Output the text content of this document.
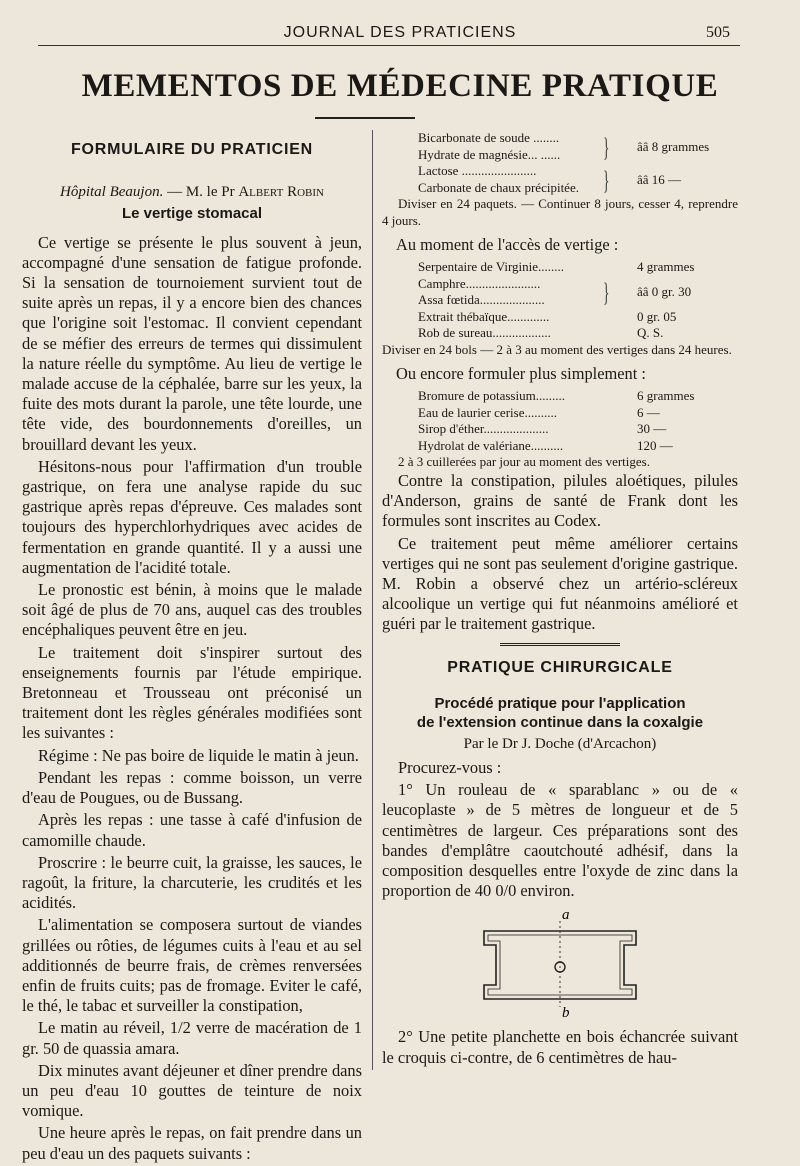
JOURNAL DES PRATICIENS	505
MEMENTOS DE MÉDECINE PRATIQUE
FORMULAIRE DU PRATICIEN
Hôpital Beaujon. — M. le Pr Albert Robin
Le vertige stomacal

Ce vertige se présente le plus souvent à jeun, accompagné d'une sensation de fatigue profonde. Si la sensation de tournoiement survient tout de suite après un repas, il y a encore bien des chances que l'origine soit l'estomac. Il convient cependant de se méfier des erreurs de termes qui dissimulent la nature réelle du symptôme. Au lieu de vertige le malade accuse de la céphalée, barre sur les yeux, la fuite des mots durant la parole, une tête lourde, une tête vide, des bourdonnements d'oreilles, un brouillard devant les yeux.

Hésitons-nous pour l'affirmation d'un trouble gastrique, on fera une analyse rapide du suc gastrique après repas d'épreuve. Ces malades sont toujours des hyperchlorhydriques avec acides de fermentation en grande quantité. Il y a aussi une augmentation de l'acidité totale.

Le pronostic est bénin, à moins que le malade soit âgé de plus de 70 ans, auquel cas des troubles encéphaliques peuvent être en jeu.

Le traitement doit s'inspirer surtout des enseignements fournis par l'étude empirique. Bretonneau et Trousseau ont préconisé un traitement dont les règles générales modifiées sont les suivantes :

Régime : Ne pas boire de liquide le matin à jeun.

Pendant les repas : comme boisson, un verre d'eau de Pougues, ou de Bussang.

Après les repas : une tasse à café d'infusion de camomille chaude.

Proscrire : le beurre cuit, la graisse, les sauces, le ragoût, la friture, la charcuterie, les crudités et les acidités.

L'alimentation se composera surtout de viandes grillées ou rôties, de légumes cuits à l'eau et au sel additionnés de beurre frais, de crèmes renversées enfin de fruits cuits; pas de fromage. Eviter le café, le thé, le tabac et surveiller la constipation,

Le matin au réveil, 1/2 verre de macération de 1 gr. 50 de quassia amara.

Dix minutes avant déjeuner et dîner prendre dans un peu d'eau 10 gouttes de teinture de noix vomique.

Une heure après le repas, on fait prendre dans un peu d'eau un des paquets suivants :

Bicarbonate de soude ........
Hydrate de magnésie... ...... } ââ 8 grammes
Lactose .......................
Carbonate de chaux précipitée. } ââ 16 —

Diviser en 24 paquets. — Continuer 8 jours, cesser 4, reprendre 4 jours.

Au moment de l'accès de vertige :

Serpentaire de Virginie........	4 grammes
Camphre.......................
Assa fœtida.................... } ââ 0 gr. 30
Extrait thébaïque.............	0 gr. 05
Rob de sureau..................	Q. S.

Diviser en 24 bols — 2 à 3 au moment des vertiges dans 24 heures.

Ou encore formuler plus simplement :

Bromure de potassium.........	6 grammes
Eau de laurier cerise..........	6 —
Sirop d'éther....................	30 —
Hydrolat de valériane..........	120 —

2 à 3 cuillerées par jour au moment des vertiges.

Contre la constipation, pilules aloétiques, pilules d'Anderson, grains de santé de Frank dont les formules sont inscrites au Codex.

Ce traitement peut même améliorer certains vertiges qui ne sont pas seulement d'origine gastrique. M. Robin a observé chez un artério-scléreux alcoolique un vertige qui fut néanmoins amélioré et guéri par le traitement gastrique.

PRATIQUE CHIRURGICALE
Procédé pratique pour l'application
de l'extension continue dans la coxalgie
Par le Dr J. Doche (d'Arcachon)

Procurez-vous :

1° Un rouleau de « sparablanc » ou de « leucoplaste » de 5 mètres de longueur et de 5 centimètres de largeur. Ces préparations sont des bandes d'emplâtre caoutchouté adhésif, dans la composition desquelles entre l'oxyde de zinc dans la proportion de 40 0/0 environ.

a
b

2° Une petite planchette en bois échancrée suivant le croquis ci-contre, de 6 centimètres de hau-
